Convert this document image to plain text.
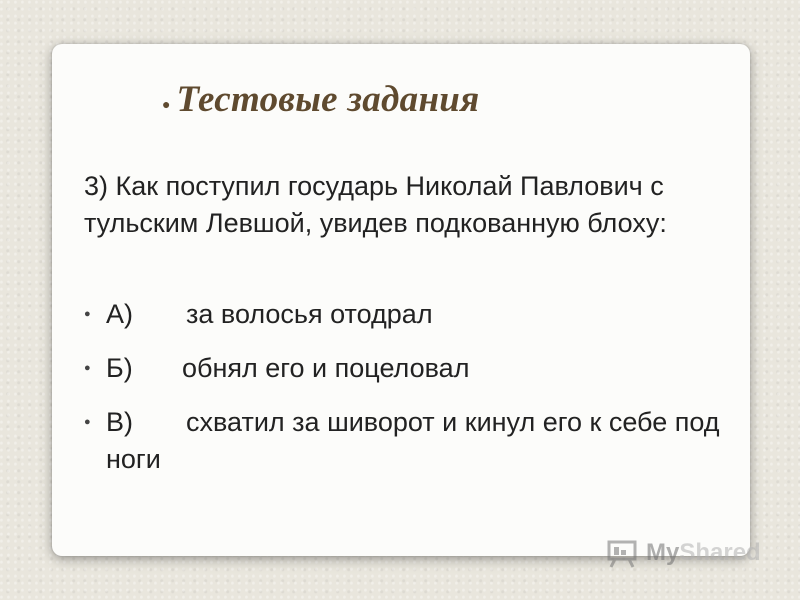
● Тестовые задания

3) Как поступил государь Николай Павлович с тульским Левшой, увидев подкованную блоху:

● А) за волосья отодрал
● Б) обнял его и поцеловал
● В) схватил за шиворот и кинул его к себе под ноги
My Shared
